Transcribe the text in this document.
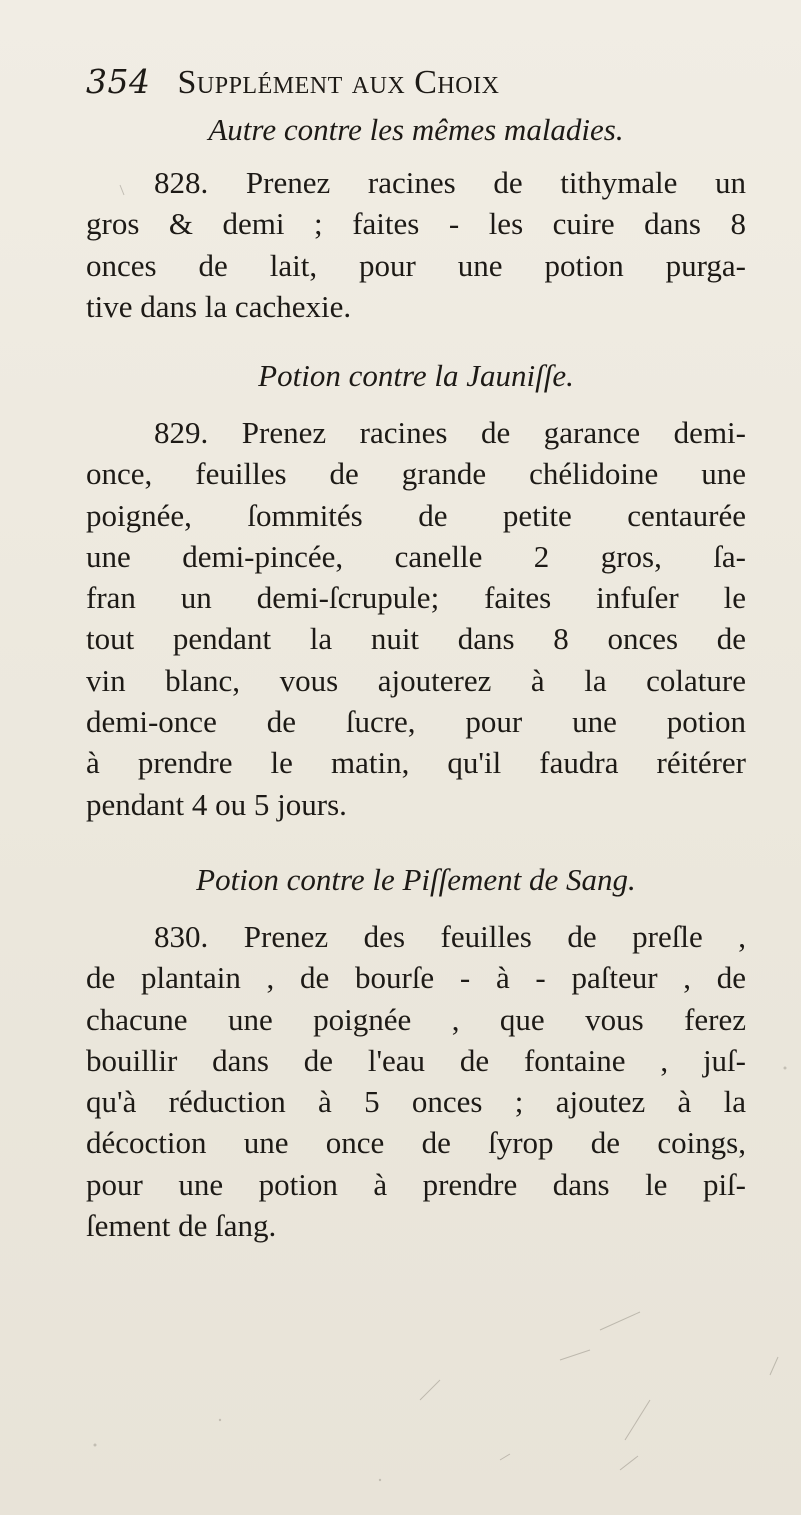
354 Supplément aux Choix
Autre contre les mêmes maladies.
828. Prenez racines de tithymale un
gros & demi ; faites - les cuire dans 8
onces de lait, pour une potion purga-
tive dans la cachexie.
Potion contre la Jauniſſe.
829. Prenez racines de garance demi-
once, feuilles de grande chélidoine une
poignée, ſommités de petite centaurée
une demi-pincée, canelle 2 gros, ſa-
fran un demi-ſcrupule; faites infuſer le
tout pendant la nuit dans 8 onces de
vin blanc, vous ajouterez à la colature
demi-once de ſucre, pour une potion
à prendre le matin, qu'il faudra réitérer
pendant 4 ou 5 jours.
Potion contre le Piſſement de Sang.
830. Prenez des feuilles de preſle ,
de plantain , de bourſe - à - paſteur , de
chacune une poignée , que vous ferez
bouillir dans de l'eau de fontaine , juſ-
qu'à réduction à 5 onces ; ajoutez à la
décoction une once de ſyrop de coings,
pour une potion à prendre dans le piſ-
ſement de ſang.
